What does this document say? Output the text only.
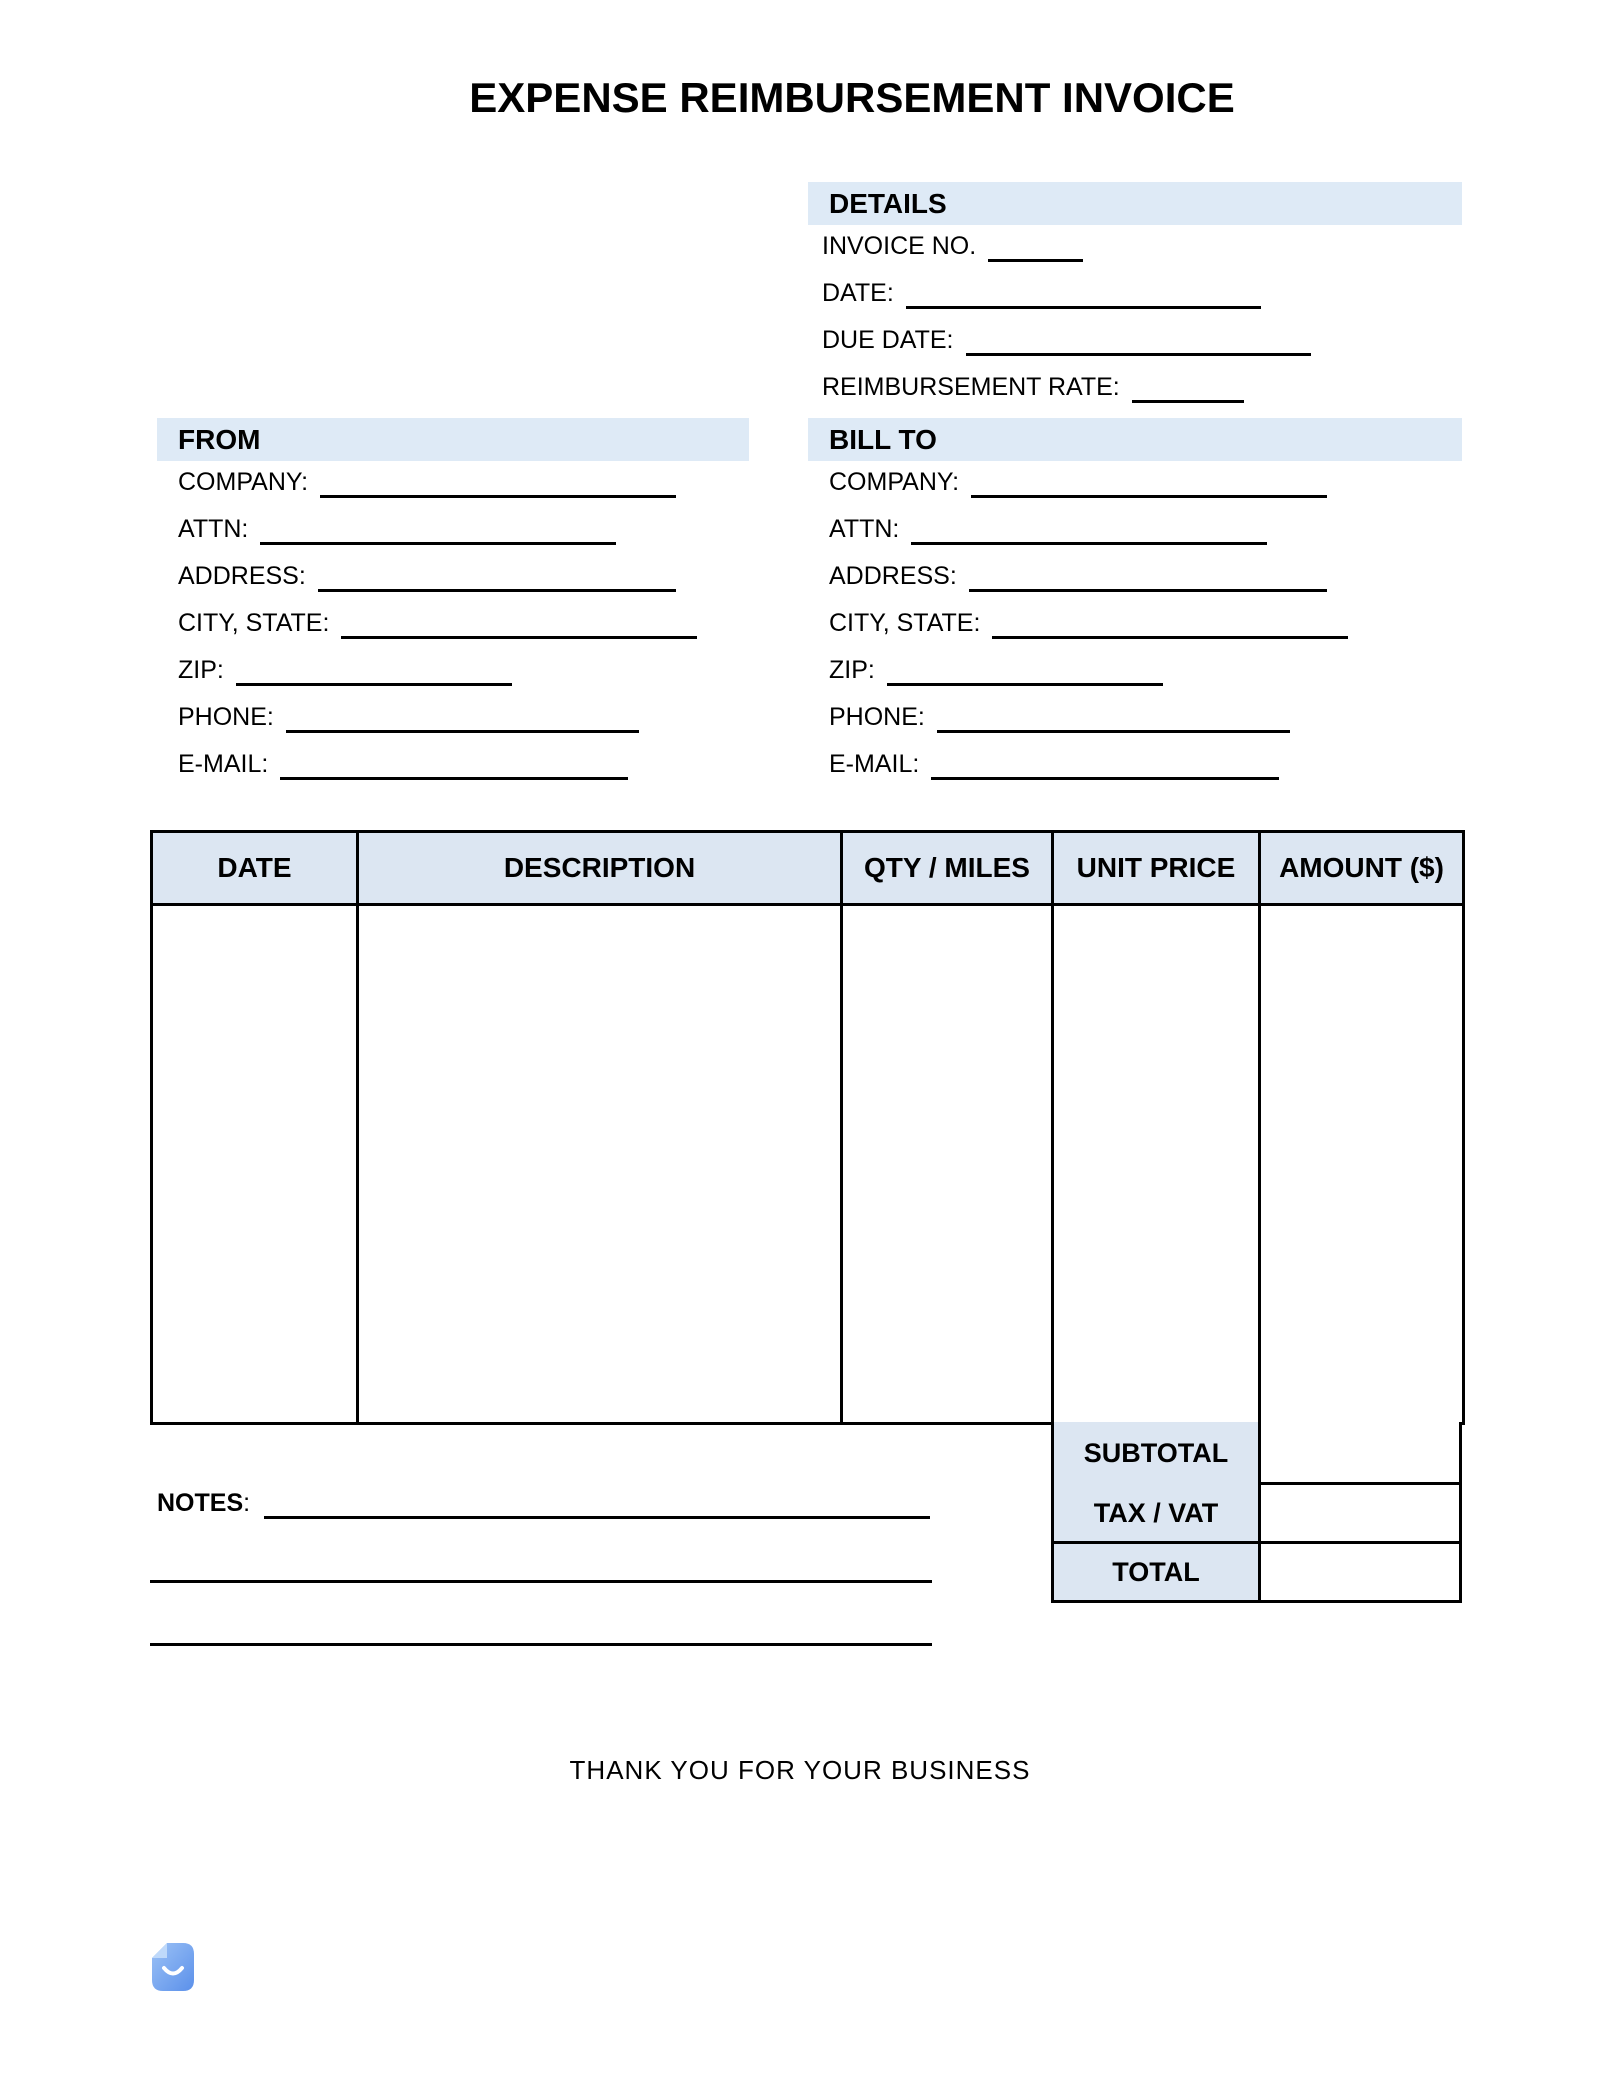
EXPENSE REIMBURSEMENT INVOICE
DETAILS
INVOICE NO.
DATE:
DUE DATE:
REIMBURSEMENT RATE:
FROM
COMPANY:
ATTN:
ADDRESS:
CITY, STATE:
ZIP:
PHONE:
E-MAIL:
BILL TO
COMPANY:
ATTN:
ADDRESS:
CITY, STATE:
ZIP:
PHONE:
E-MAIL:
DATE	DESCRIPTION	QTY / MILES	UNIT PRICE	AMOUNT ($)

SUBTOTAL
TAX / VAT
TOTAL
NOTES :
THANK YOU FOR YOUR BUSINESS
